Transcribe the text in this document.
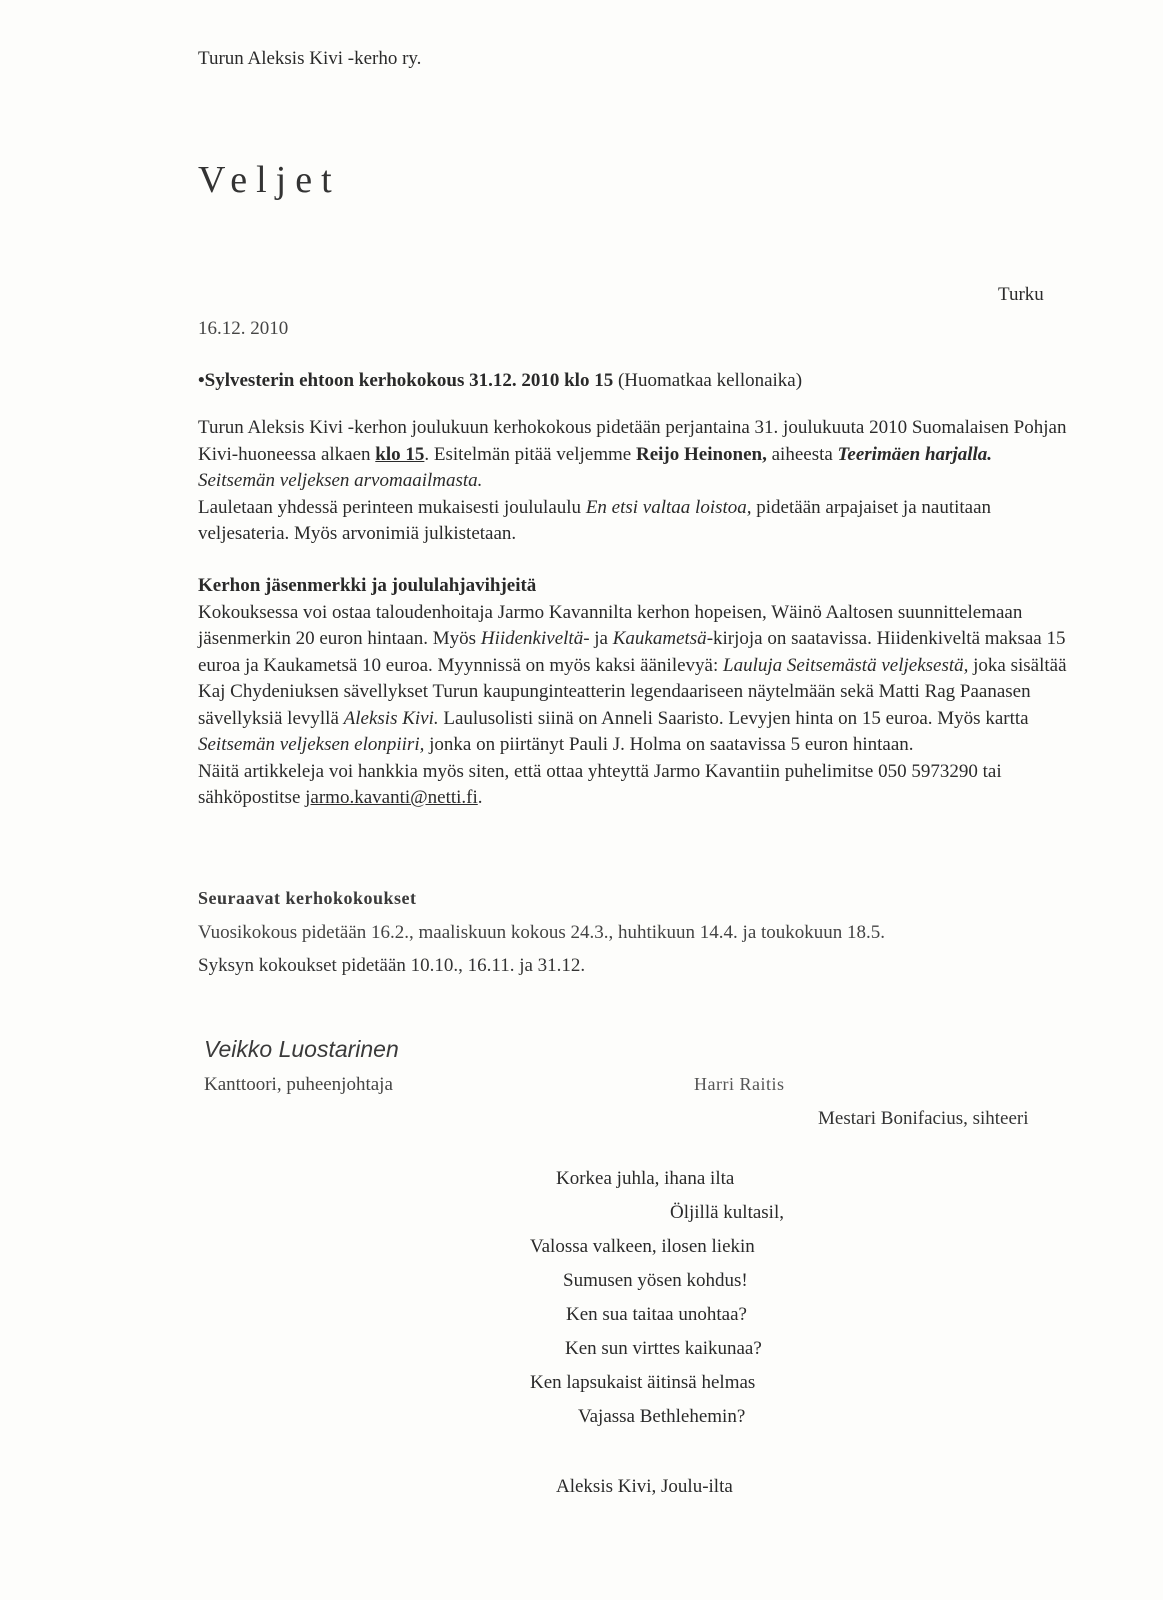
Turun Aleksis Kivi -kerho ry.
Veljet
Turku
16.12. 2010
•Sylvesterin ehtoon kerhokokous 31.12. 2010 klo 15 (Huomatkaa kellonaika)
Turun Aleksis Kivi -kerhon joulukuun kerhokokous pidetään perjantaina 31. joulukuuta 2010 Suomalaisen Pohjan Kivi-huoneessa alkaen klo 15. Esitelmän pitää veljemme Reijo Heinonen, aiheesta Teerimäen harjalla. Seitsemän veljeksen arvomaailmasta.
Lauletaan yhdessä perinteen mukaisesti joululaulu En etsi valtaa loistoa, pidetään arpajaiset ja nautitaan veljesateria. Myös arvonimiä julkistetaan.
Kerhon jäsenmerkki ja joululahjavihjeitä
Kokouksessa voi ostaa taloudenhoitaja Jarmo Kavannilta kerhon hopeisen, Wäinö Aaltosen suunnittelemaan jäsenmerkin 20 euron hintaan. Myös Hiidenkiveltä- ja Kaukametsä-kirjoja on saatavissa. Hiidenkiveltä maksaa 15 euroa ja Kaukametsä 10 euroa. Myynnissä on myös kaksi äänilevyä: Lauluja Seitsemästä veljeksestä, joka sisältää Kaj Chydeniuksen sävellykset Turun kaupunginteatterin legendaariseen näytelmään sekä Matti Rag Paanasen sävellyksiä levyllä Aleksis Kivi. Laulusolisti siinä on Anneli Saaristo. Levyjen hinta on 15 euroa. Myös kartta Seitsemän veljeksen elonpiiri, jonka on piirtänyt Pauli J. Holma on saatavissa 5 euron hintaan.
Näitä artikkeleja voi hankkia myös siten, että ottaa yhteyttä Jarmo Kavantiin puhelimitse 050 5973290 tai sähköpostitse jarmo.kavanti@netti.fi.
Seuraavat kerhokokoukset
Vuosikokous pidetään 16.2., maaliskuun kokous 24.3., huhtikuun 14.4. ja toukokuun 18.5.
Syksyn kokoukset pidetään 10.10., 16.11. ja 31.12.
Veikko Luostarinen
Kanttoori, puheenjohtaja	Harri Raitis
Mestari Bonifacius, sihteeri
Korkea juhla, ihana ilta
Öljillä kultasil,
Valossa valkeen, ilosen liekin
Sumusen yösen kohdus!
Ken sua taitaa unohtaa?
Ken sun virttes kaikunaa?
Ken lapsukaist äitinsä helmas
Vajassa Bethlehemin?
Aleksis Kivi, Joulu-ilta
